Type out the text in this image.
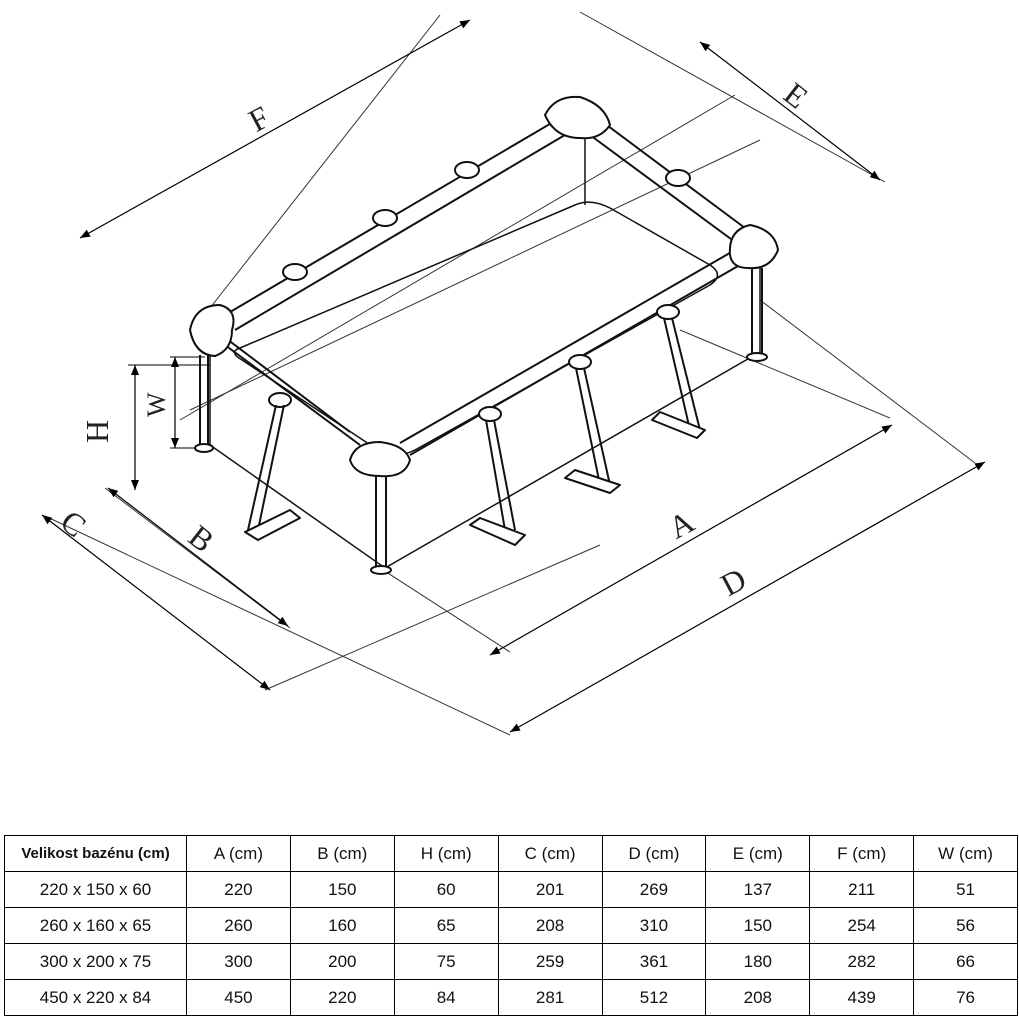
F
E
A
D
B
C
H
W
Velikost bazénu (cm)	A (cm)	B (cm)	H (cm)	C (cm)	D (cm)	E (cm)	F (cm)	W (cm)
220 x 150 x 60	220	150	60	201	269	137	211	51
260 x 160 x 65	260	160	65	208	310	150	254	56
300 x 200 x 75	300	200	75	259	361	180	282	66
450 x 220 x 84	450	220	84	281	512	208	439	76
